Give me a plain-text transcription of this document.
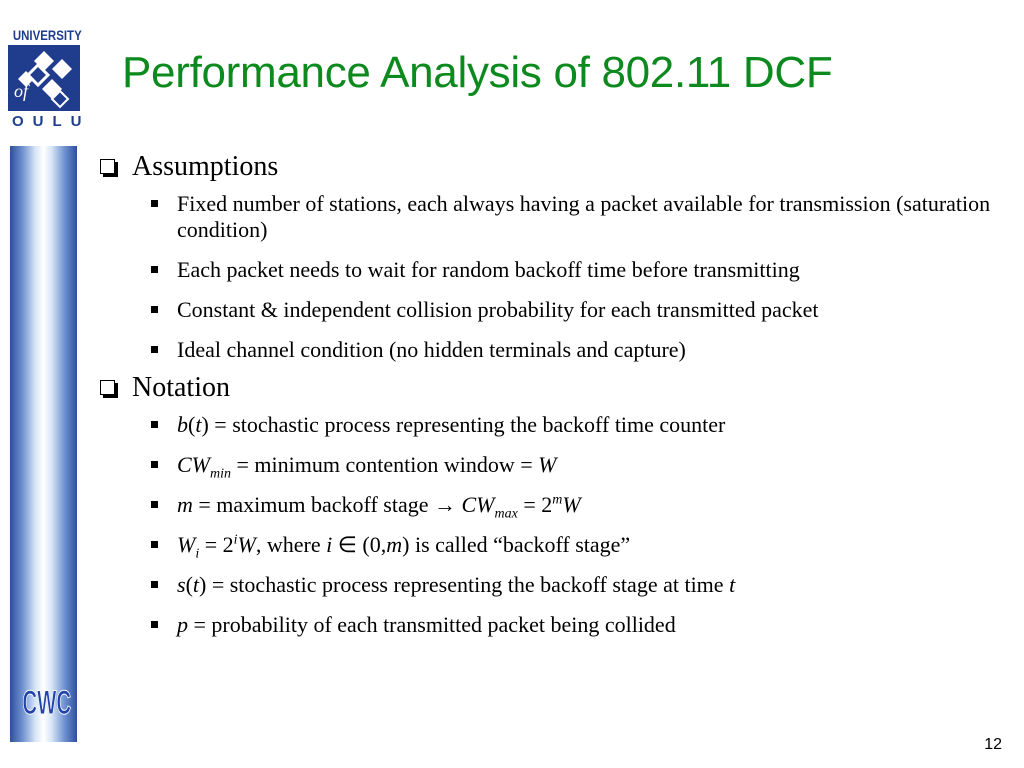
UNIVERSITY
of
OULU
CWC
Performance Analysis of 802.11 DCF
Assumptions
Fixed number of stations, each always having a packet available for transmission (saturation condition)
Each packet needs to wait for random backoff time before transmitting
Constant & independent collision probability for each transmitted packet
Ideal channel condition (no hidden terminals and capture)
Notation
b(t) = stochastic process representing the backoff time counter
$CW_{min}$ = minimum contention window = W
m = maximum backoff stage → $CW_{max} = 2^mW$
$W_i = 2^iW$, where i ∈ (0,m) is called “backoff stage”
s(t) = stochastic process representing the backoff stage at time t
p = probability of each transmitted packet being collided
12
